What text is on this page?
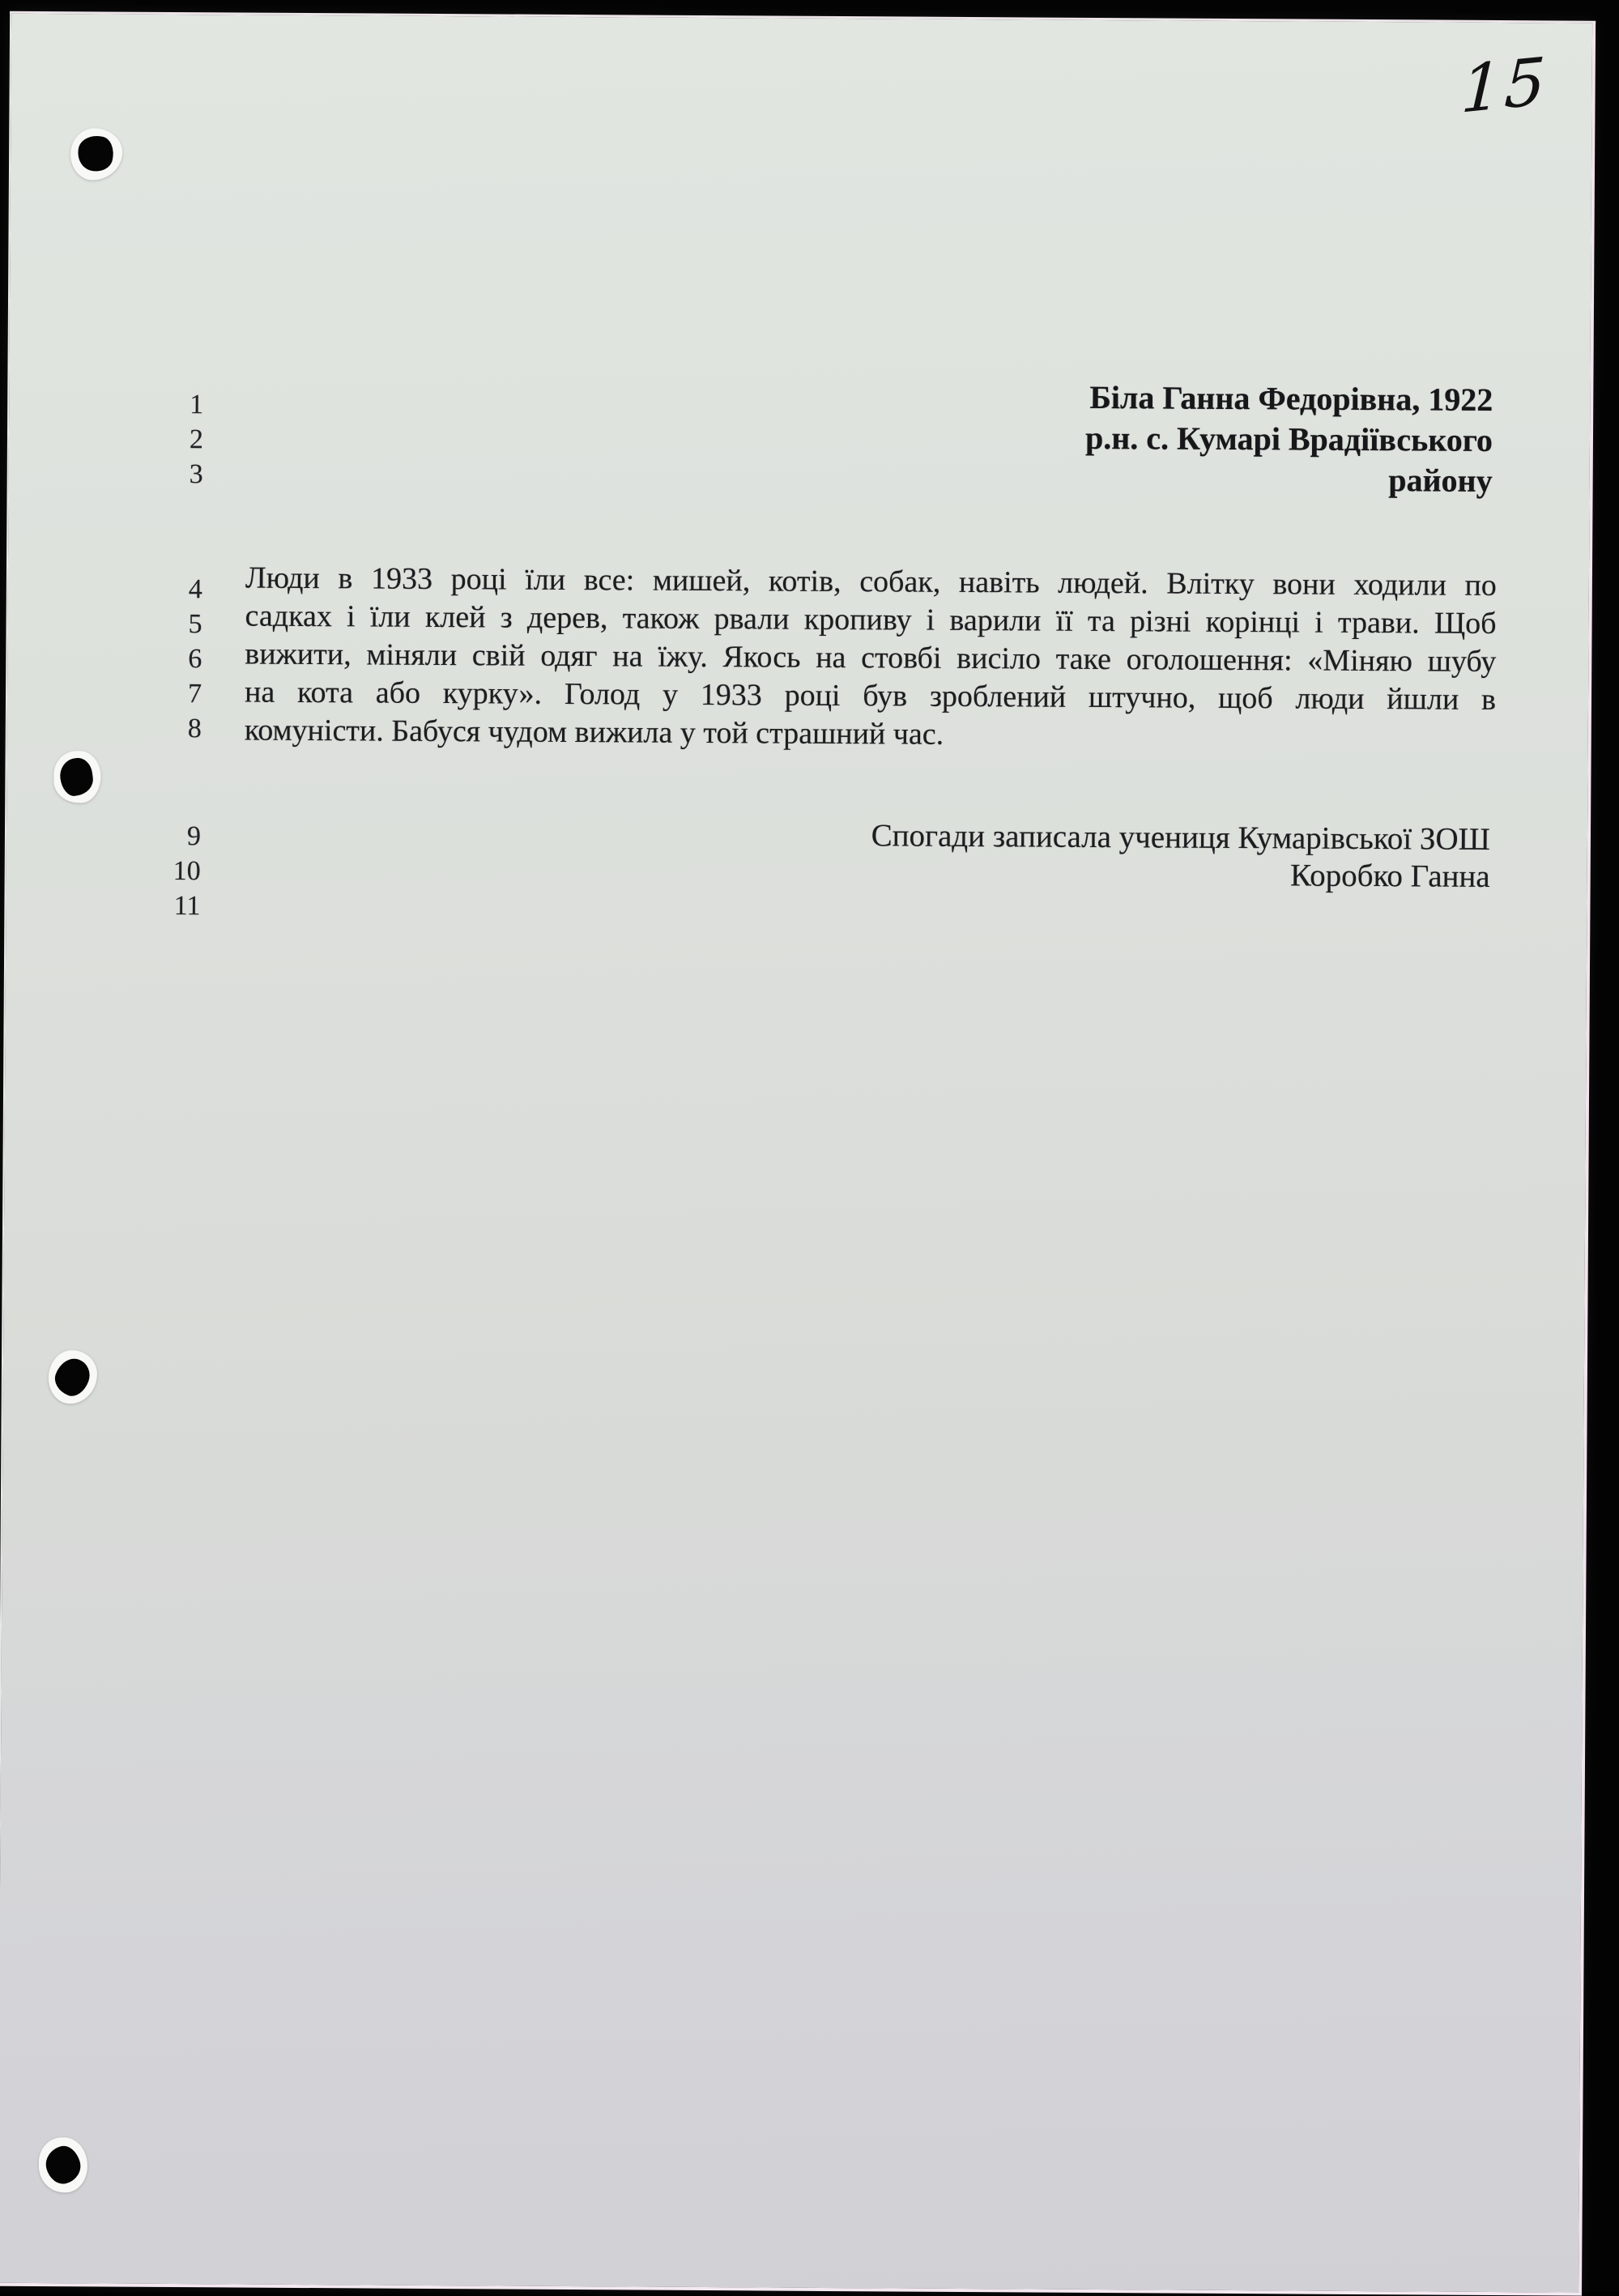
15
1
2
3
4
5
6
7
8
9
10
11
Біла Ганна Федорівна, 1922
р.н. с. Кумарі Врадіївського
району
Люди в 1933 році їли все: мишей, котів, собак, навіть людей. Влітку вони ходили по
садках і їли клей з дерев, також рвали кропиву і варили її та різні корінці і трави. Щоб
вижити, міняли свій одяг на їжу. Якось на стовбі висіло таке оголошення: «Міняю шубу
на кота або курку». Голод у 1933 році був зроблений штучно, щоб люди йшли в
комуністи. Бабуся чудом вижила у той страшний час.
Спогади записала учениця Кумарівської ЗОШ
Коробко Ганна
